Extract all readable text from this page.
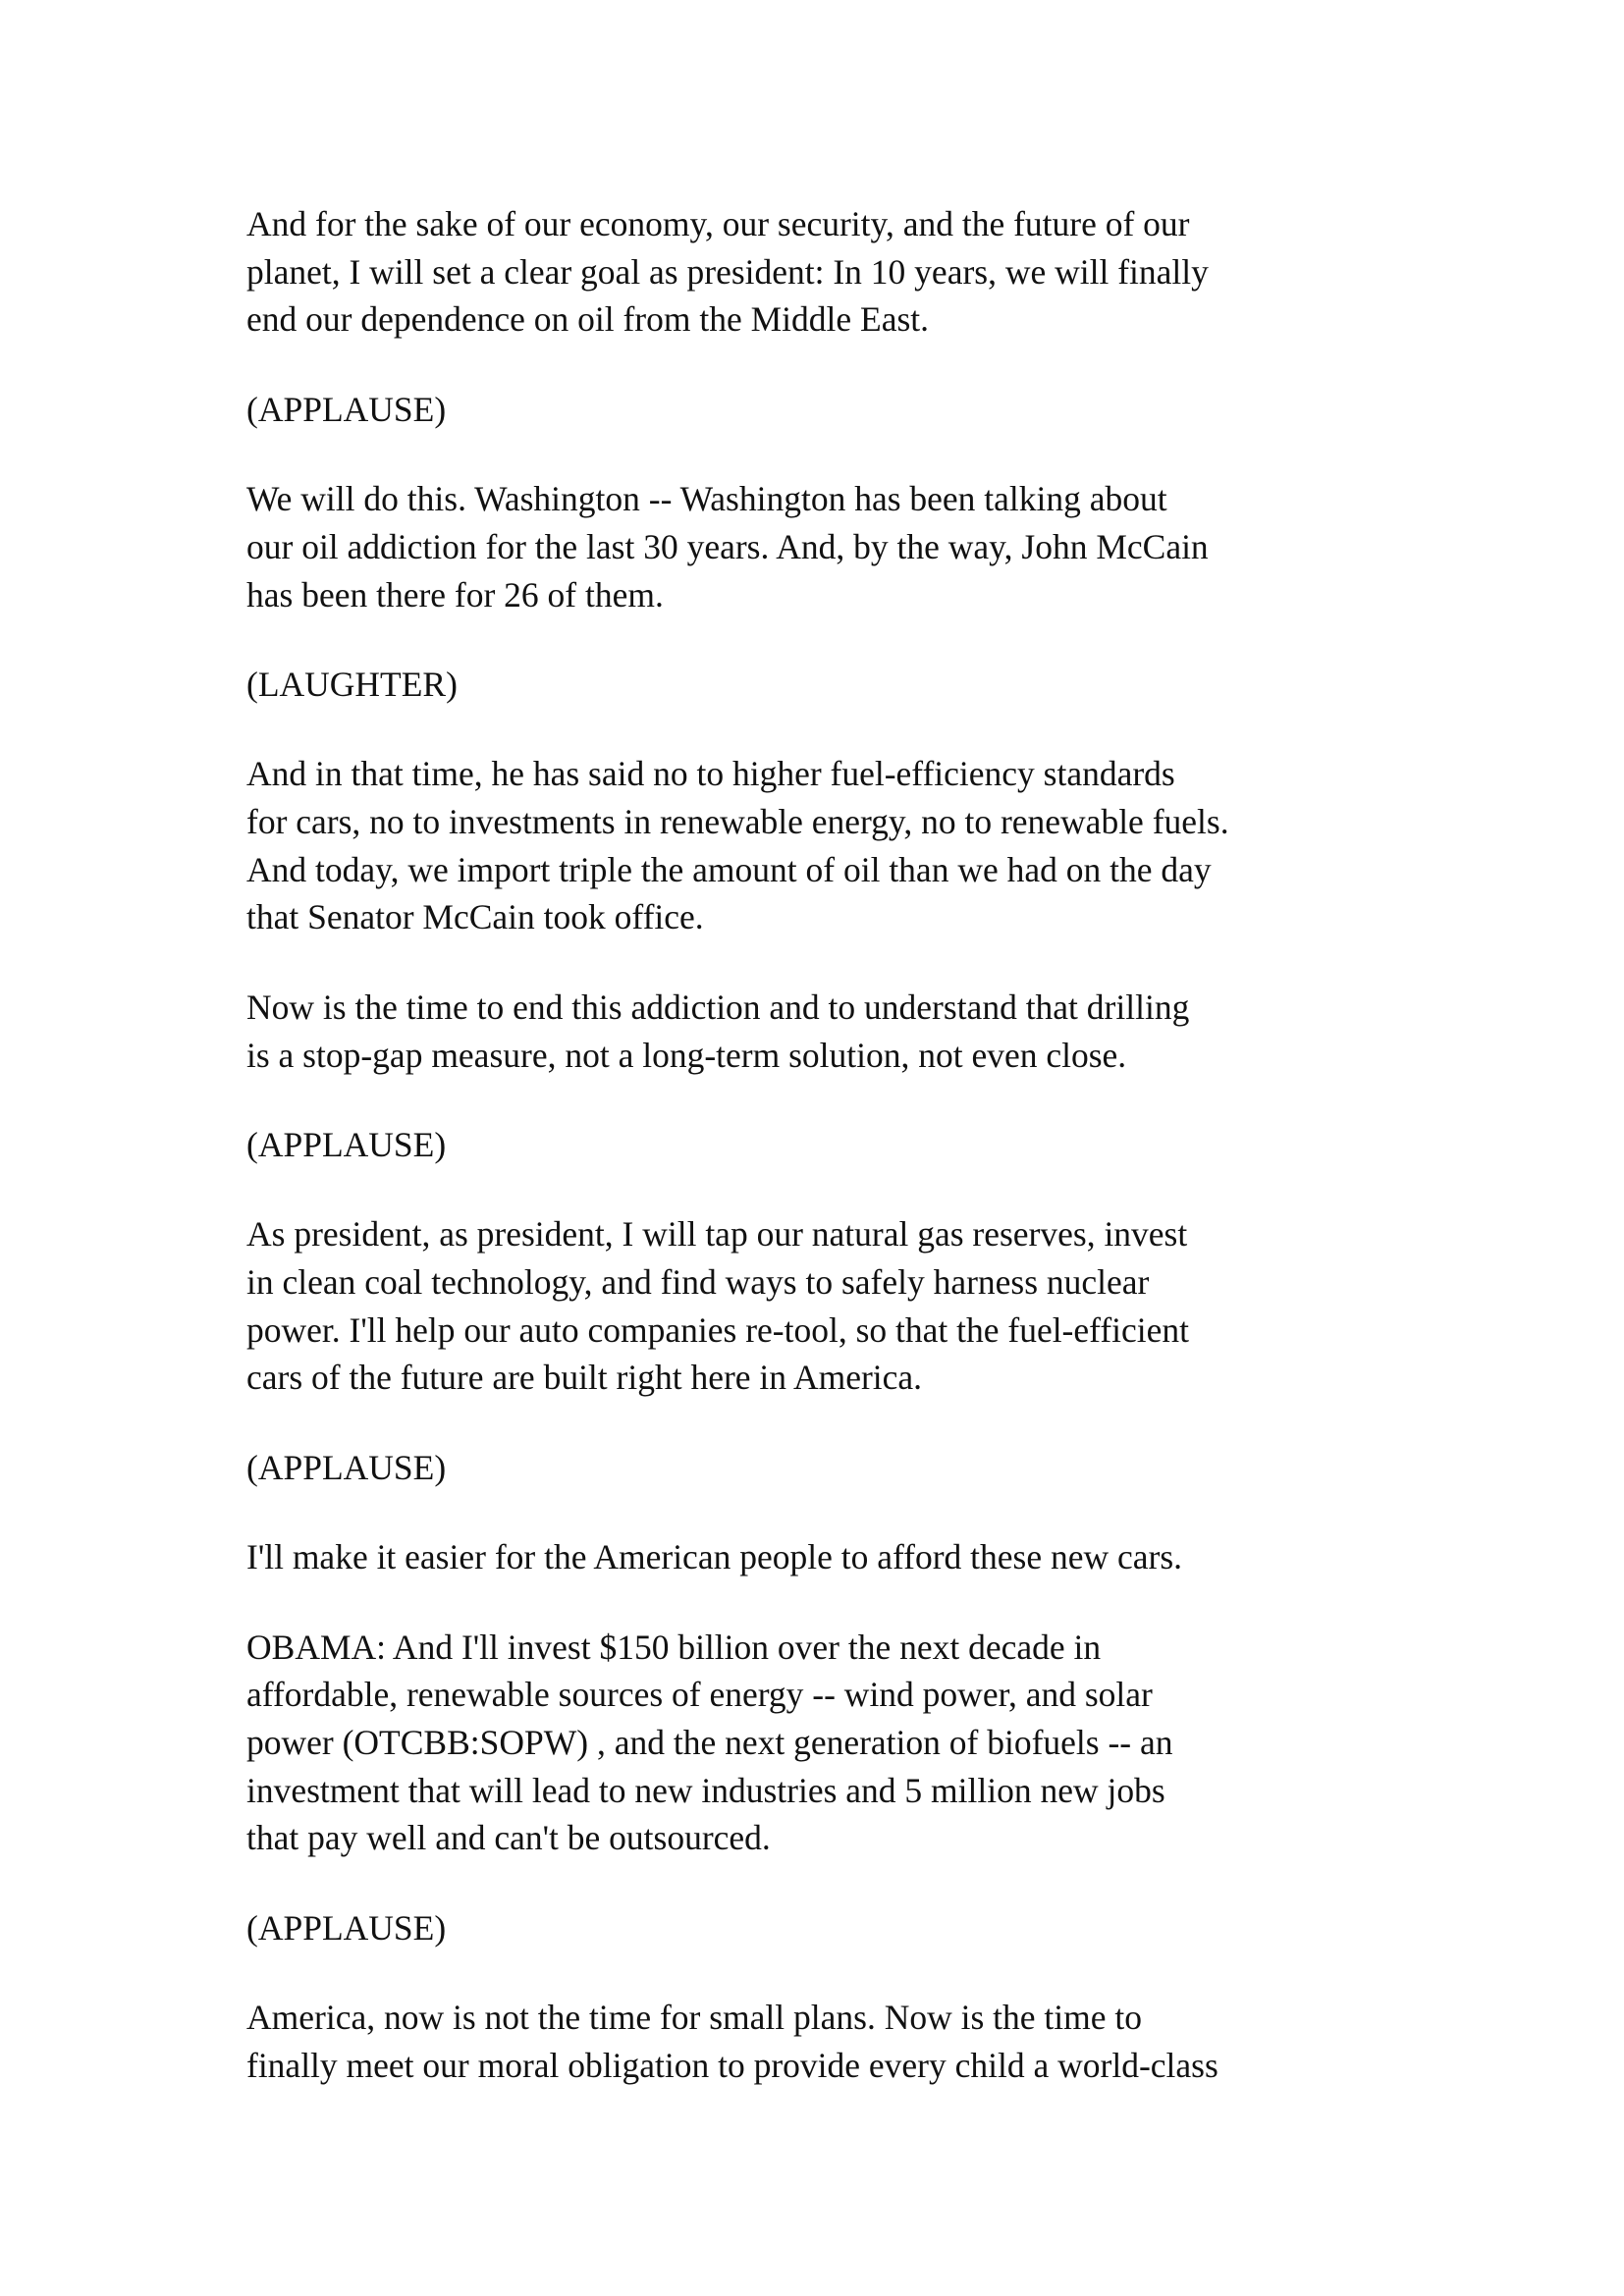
And for the sake of our economy, our security, and the future of our
planet, I will set a clear goal as president: In 10 years, we will finally
end our dependence on oil from the Middle East.

(APPLAUSE)

We will do this. Washington -- Washington has been talking about
our oil addiction for the last 30 years. And, by the way, John McCain
has been there for 26 of them.

(LAUGHTER)

And in that time, he has said no to higher fuel-efficiency standards
for cars, no to investments in renewable energy, no to renewable fuels.
And today, we import triple the amount of oil than we had on the day
that Senator McCain took office.

Now is the time to end this addiction and to understand that drilling
is a stop-gap measure, not a long-term solution, not even close.

(APPLAUSE)

As president, as president, I will tap our natural gas reserves, invest
in clean coal technology, and find ways to safely harness nuclear
power. I'll help our auto companies re-tool, so that the fuel-efficient
cars of the future are built right here in America.

(APPLAUSE)

I'll make it easier for the American people to afford these new cars.

OBAMA: And I'll invest $150 billion over the next decade in
affordable, renewable sources of energy -- wind power, and solar
power (OTCBB:SOPW) , and the next generation of biofuels -- an
investment that will lead to new industries and 5 million new jobs
that pay well and can't be outsourced.

(APPLAUSE)

America, now is not the time for small plans. Now is the time to
finally meet our moral obligation to provide every child a world-class
